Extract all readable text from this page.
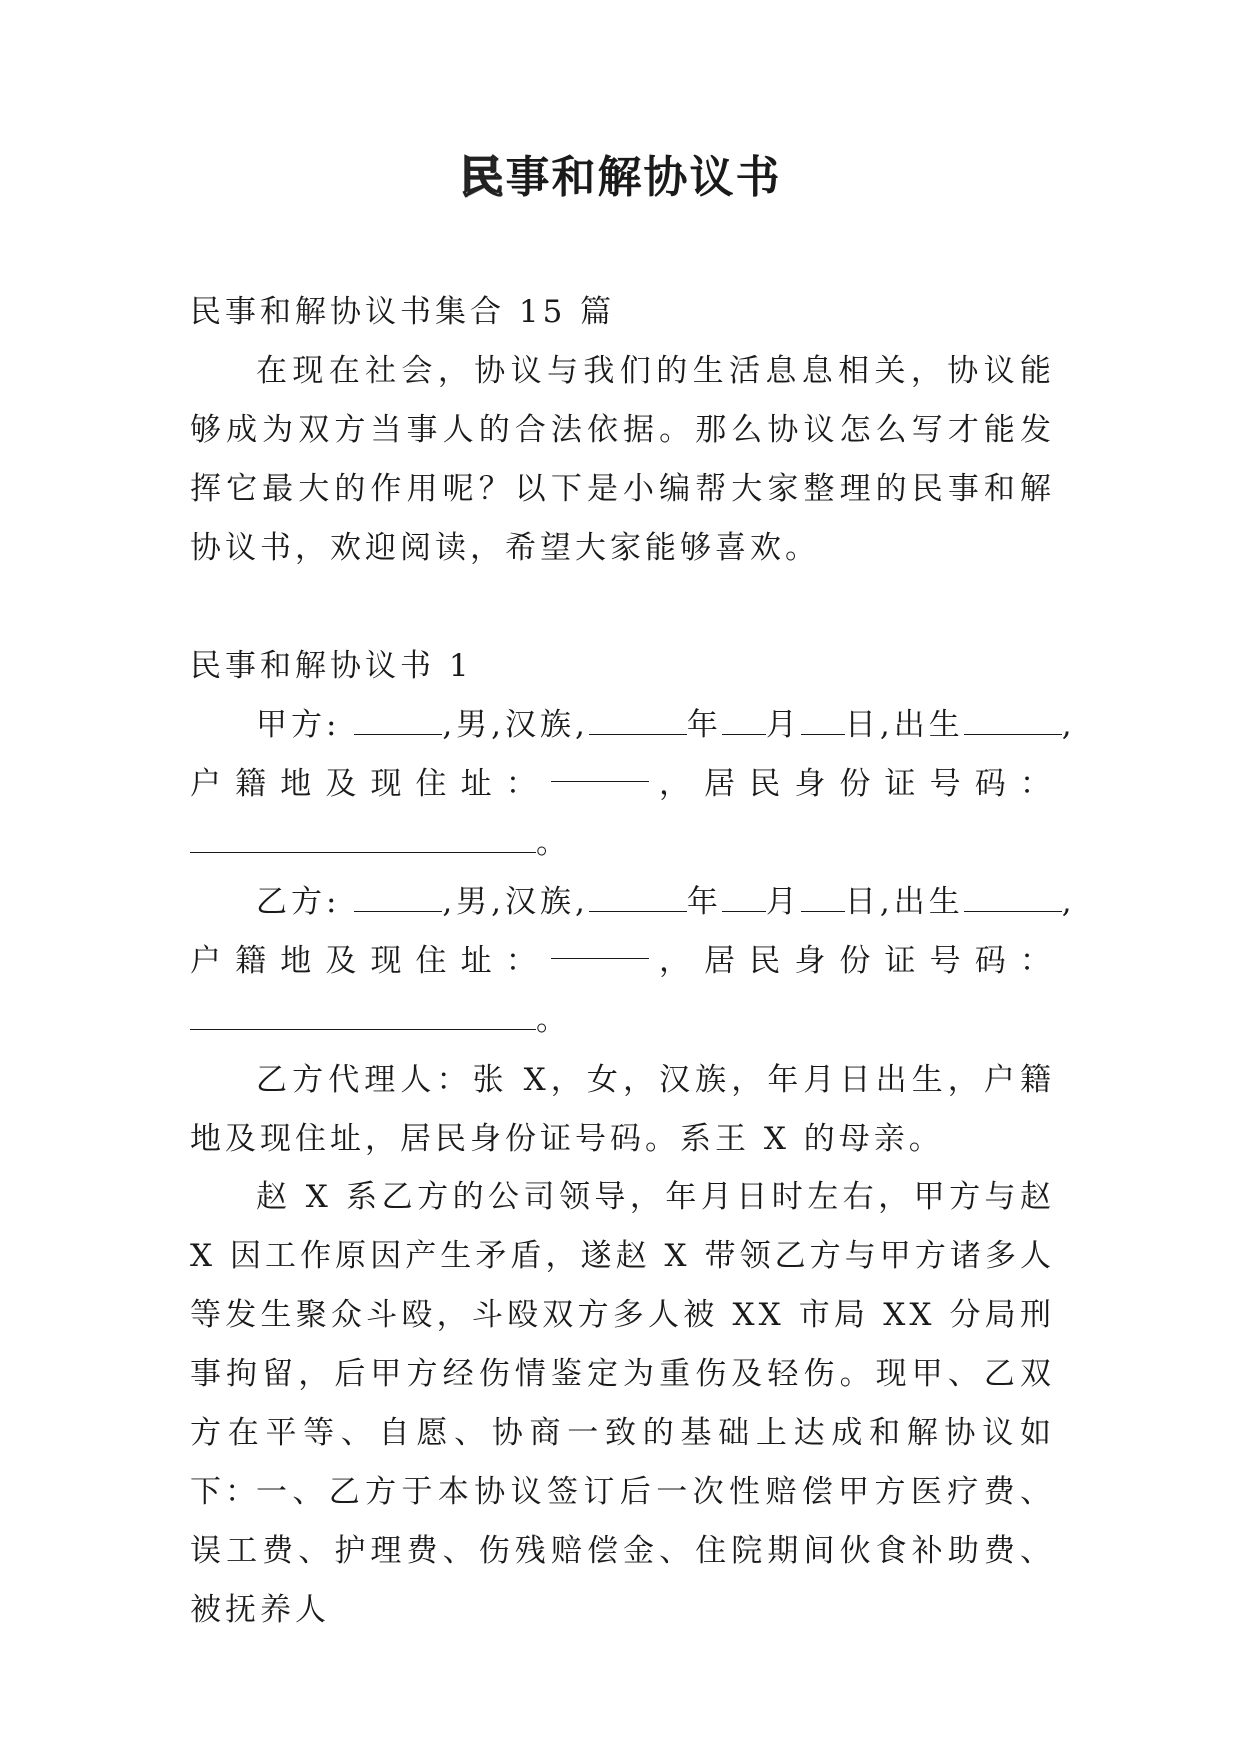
民事和解协议书
民事和解协议书集合 15 篇

在现在社会，协议与我们的生活息息相关，协议能够成为双方当事人的合法依据。那么协议怎么写才能发挥它最大的作用呢？以下是小编帮大家整理的民事和解协议书，欢迎阅读，希望大家能够喜欢。

民事和解协议书 1
甲方:	,男,汉族,	年 月 日,出生	,
户 籍 地 及 现 住 址 ：	， 居 民 身 份 证 号 码 ：
。
乙方:	,男,汉族,	年 月 日,出生	,
户 籍 地 及 现 住 址 ：	， 居 民 身 份 证 号 码 ：
。

乙方代理人：张 X，女，汉族，年月日出生，户籍地及现住址，居民身份证号码。系王 X 的母亲。

赵 X 系乙方的公司领导，年月日时左右，甲方与赵 X 因工作原因产生矛盾，遂赵 X 带领乙方与甲方诸多人等发生聚众斗殴，斗殴双方多人被 XX 市局 XX 分局刑事拘留，后甲方经伤情鉴定为重伤及轻伤。现甲、乙双方在平等、自愿、协商一致的基础上达成和解协议如下：

一、乙方于本协议签订后一次性赔偿甲方医疗费、误工费、护理费、伤残赔偿金、住院期间伙食补助费、被抚养人
